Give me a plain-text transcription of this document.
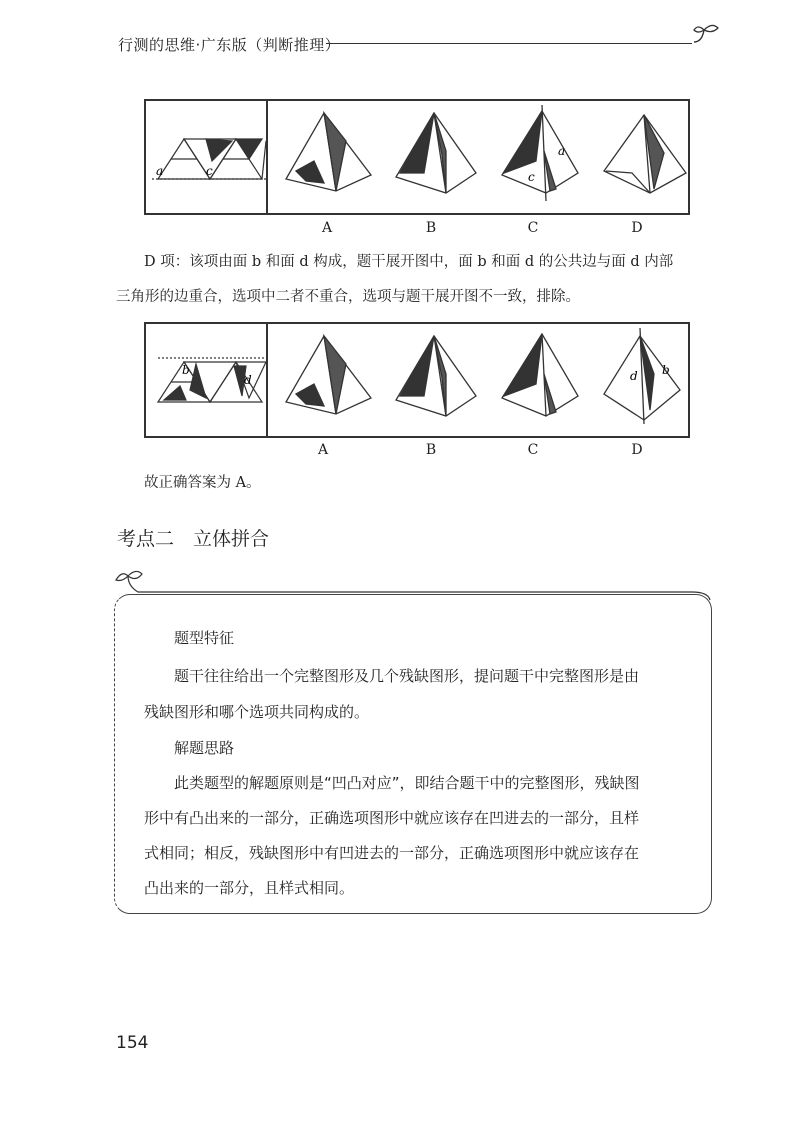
行测的思维·广东版（判断推理）
a	c
a
c
A	B	C	D
D 项：该项由面 b 和面 d 构成，题干展开图中，面 b 和面 d 的公共边与面 d 内部
三角形的边重合，选项中二者不重合，选项与题干展开图不一致，排除。
b
d	d b
A	B	C	D
故正确答案为 A。
考点二　立体拼合
题型特征
题干往往给出一个完整图形及几个残缺图形，提问题干中完整图形是由
残缺图形和哪个选项共同构成的。
解题思路
此类题型的解题原则是“凹凸对应”，即结合题干中的完整图形，残缺图
形中有凸出来的一部分，正确选项图形中就应该存在凹进去的一部分，且样
式相同；相反，残缺图形中有凹进去的一部分，正确选项图形中就应该存在
凸出来的一部分，且样式相同。
154
